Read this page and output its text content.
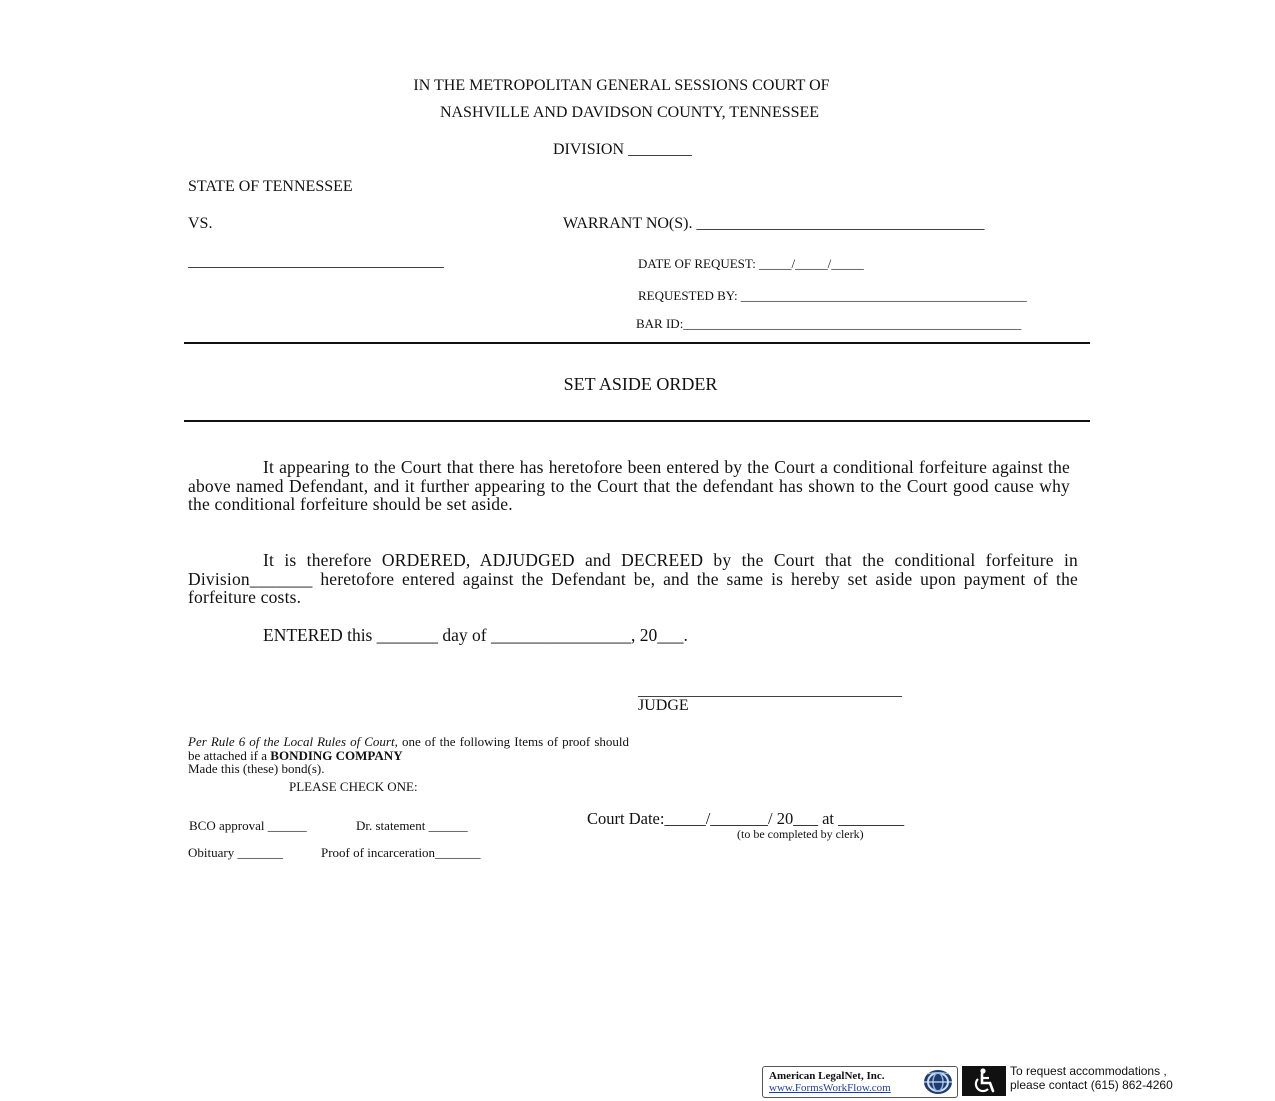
IN THE METROPOLITAN GENERAL SESSIONS COURT OF
NASHVILLE AND DAVIDSON COUNTY, TENNESSEE
DIVISION ________
STATE OF TENNESSEE
VS.	WARRANT NO(S). ____________________________________
________________________________	DATE OF REQUEST: _____/_____/_____
REQUESTED BY: ____________________________________________
BAR ID:____________________________________________________
SET ASIDE ORDER
It appearing to the Court that there has heretofore been entered by the Court a conditional forfeiture against the above named Defendant, and it further appearing to the Court that the defendant has shown to the Court good cause why the conditional forfeiture should be set aside.
It is therefore ORDERED, ADJUDGED and DECREED by the Court that the conditional forfeiture in Division_______ heretofore entered against the Defendant be, and the same is hereby set aside upon payment of the forfeiture costs.
ENTERED this _______ day of ________________, 20___.
_________________________________
JUDGE
Per Rule 6 of the Local Rules of Court, one of the following Items of proof should be attached if a BONDING COMPANY
Made this (these) bond(s).
PLEASE CHECK ONE:
BCO approval ______	Dr. statement ______
Obituary _______	Proof of incarceration_______
Court Date:_____/_______/ 20___ at ________
(to be completed by clerk)
American LegalNet, Inc.
www.FormsWorkFlow.com
To request accommodations ,
please contact (615) 862-4260
